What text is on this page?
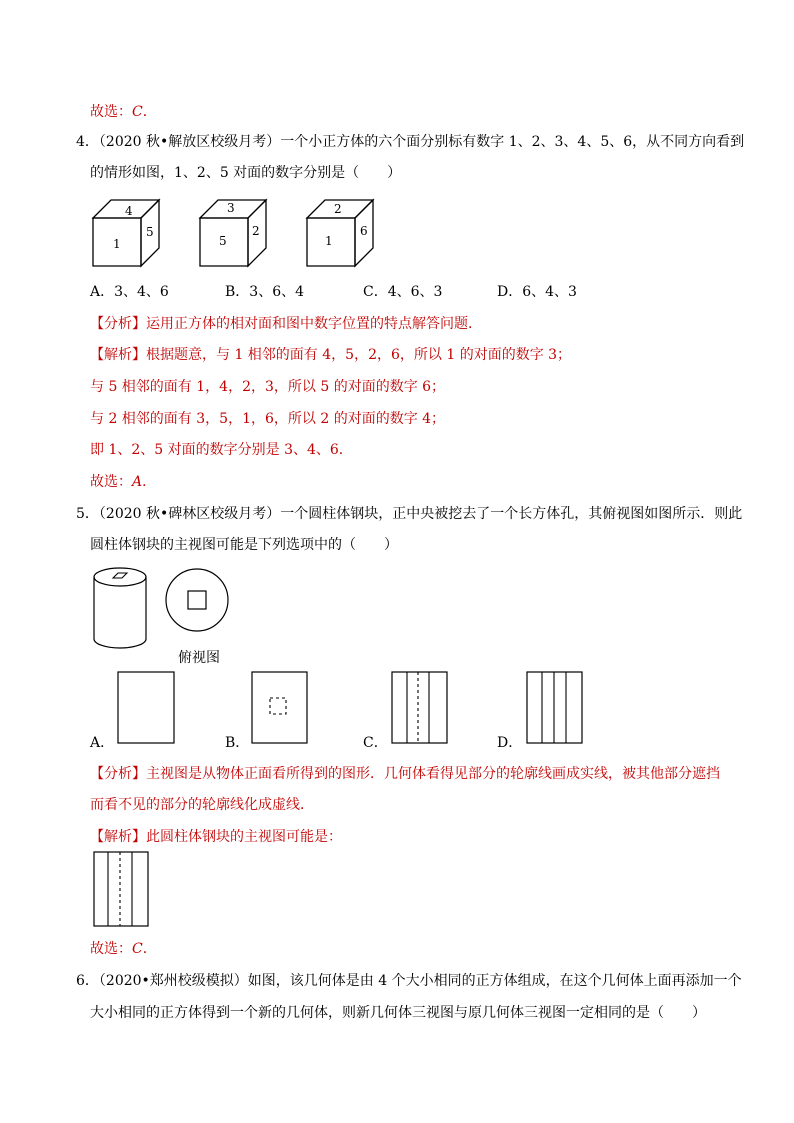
故选：C．
4．（2020 秋•解放区校级月考）一个小正方体的六个面分别标有数字 1、2、3、4、5、6，从不同方向看到
的情形如图，1、2、5 对面的数字分别是（　　）
4
1
5
3
5
2
2
1
6
A．3、4、6	B．3、6、4	C．4、6、3	D．6、4、3
【分析】运用正方体的相对面和图中数字位置的特点解答问题．
【解析】根据题意，与 1 相邻的面有 4，5，2，6，所以 1 的对面的数字 3；
与 5 相邻的面有 1，4，2，3，所以 5 的对面的数字 6；
与 2 相邻的面有 3，5，1，6，所以 2 的对面的数字 4；
即 1、2、5 对面的数字分别是 3、4、6．
故选：A．
5．（2020 秋•碑林区校级月考）一个圆柱体钢块，正中央被挖去了一个长方体孔，其俯视图如图所示．则此
圆柱体钢块的主视图可能是下列选项中的（　　）
俯视图
A．	B．	C．	D．
【分析】主视图是从物体正面看所得到的图形．几何体看得见部分的轮廓线画成实线，被其他部分遮挡
而看不见的部分的轮廓线化成虚线．
【解析】此圆柱体钢块的主视图可能是：
故选：C．
6．（2020•郑州校级模拟）如图，该几何体是由 4 个大小相同的正方体组成，在这个几何体上面再添加一个
大小相同的正方体得到一个新的几何体，则新几何体三视图与原几何体三视图一定相同的是（　　）
